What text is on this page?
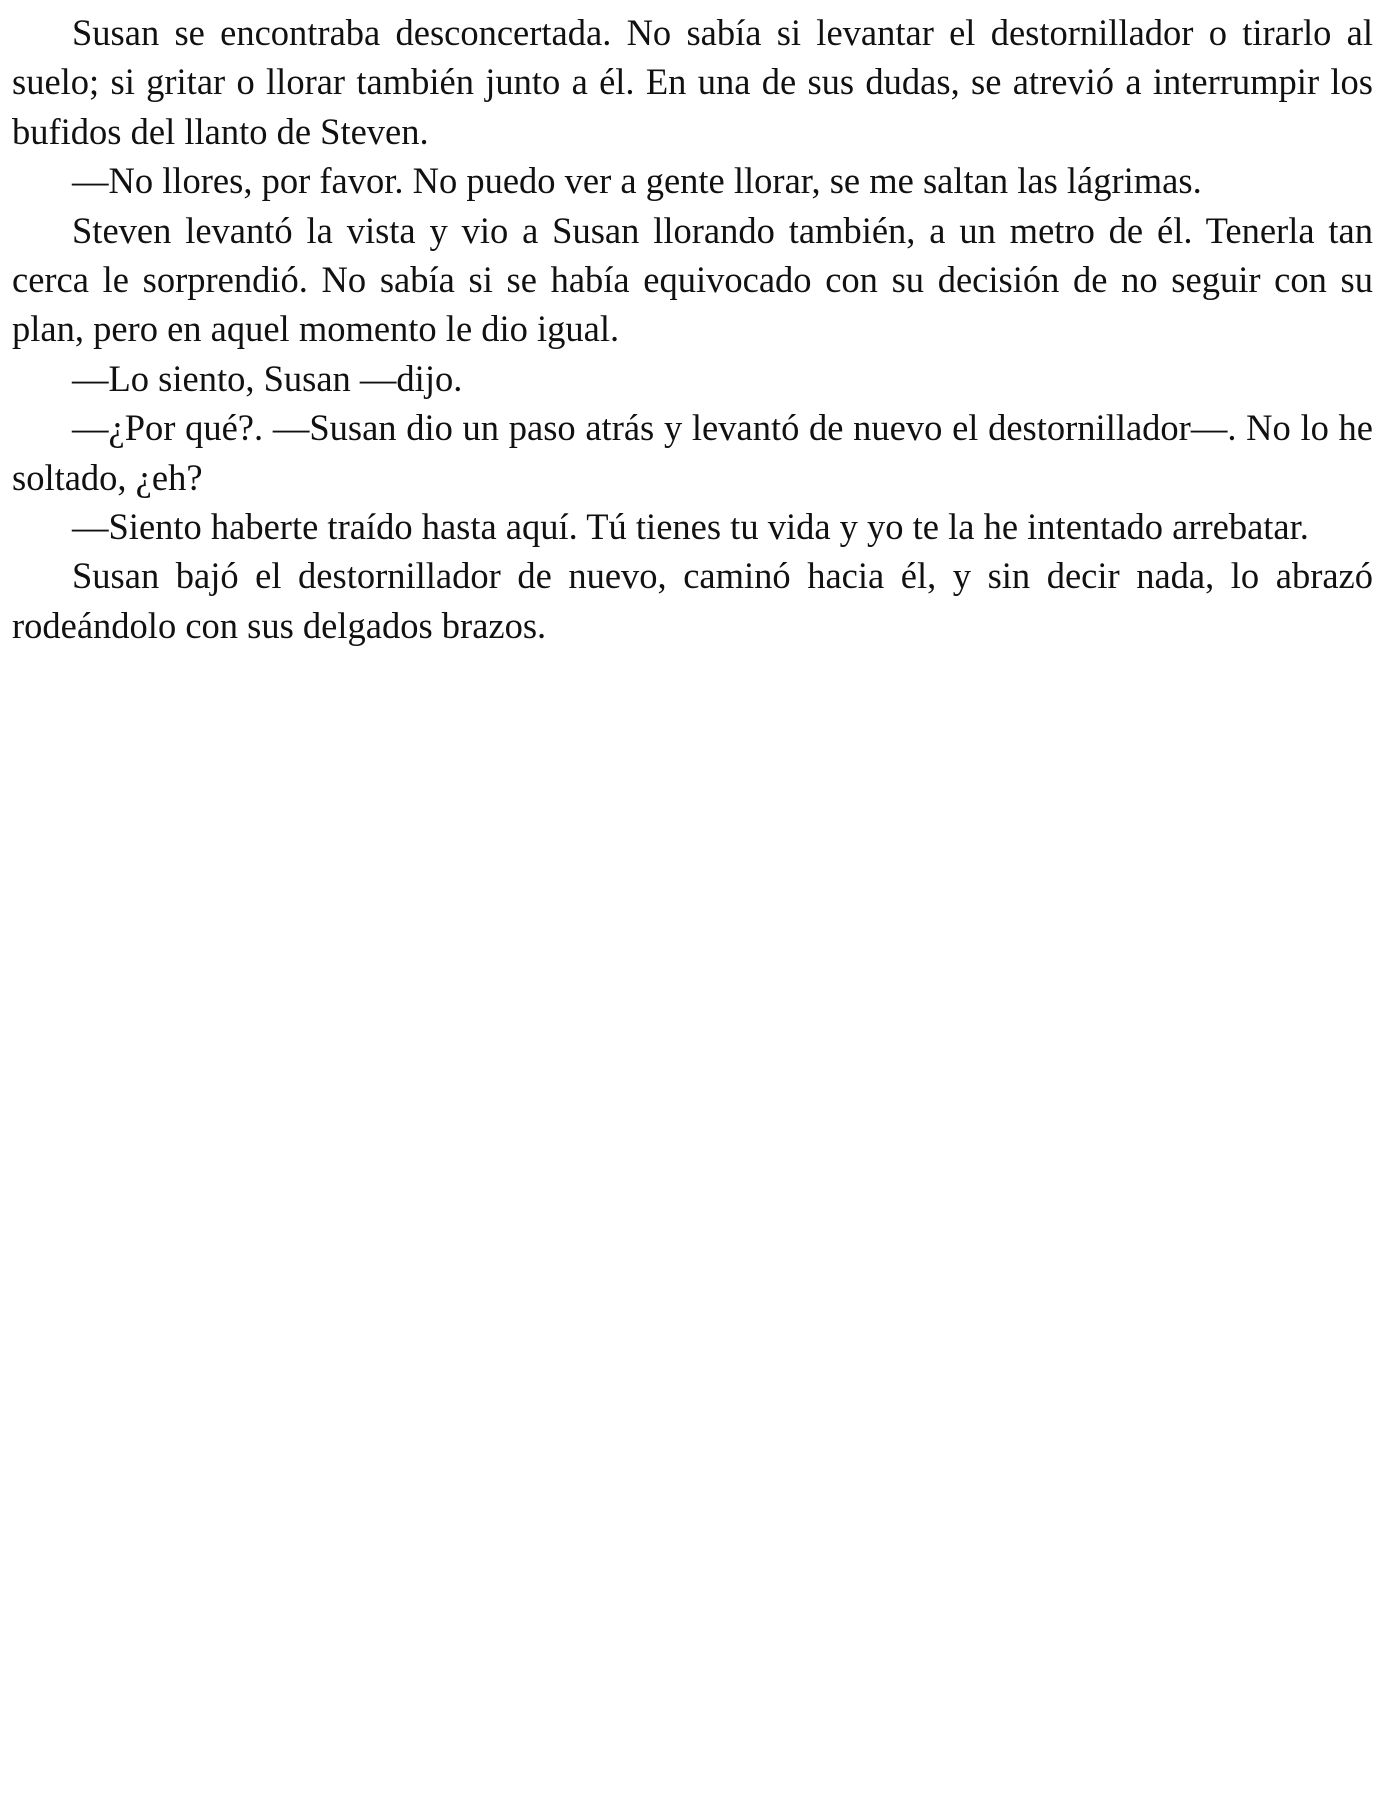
Susan se encontraba desconcertada. No sabía si levantar el destornillador o tirarlo al suelo; si gritar o llorar también junto a él. En una de sus dudas, se atrevió a interrumpir los bufidos del llanto de Steven.

—No llores, por favor. No puedo ver a gente llorar, se me saltan las lágrimas.

Steven levantó la vista y vio a Susan llorando también, a un metro de él. Tenerla tan cerca le sorprendió. No sabía si se había equivocado con su decisión de no seguir con su plan, pero en aquel momento le dio igual.

—Lo siento, Susan —dijo.

—¿Por qué?. —Susan dio un paso atrás y levantó de nuevo el destornillador—. No lo he soltado, ¿eh?

—Siento haberte traído hasta aquí. Tú tienes tu vida y yo te la he intentado arrebatar.

Susan bajó el destornillador de nuevo, caminó hacia él, y sin decir nada, lo abrazó rodeándolo con sus delgados brazos.
